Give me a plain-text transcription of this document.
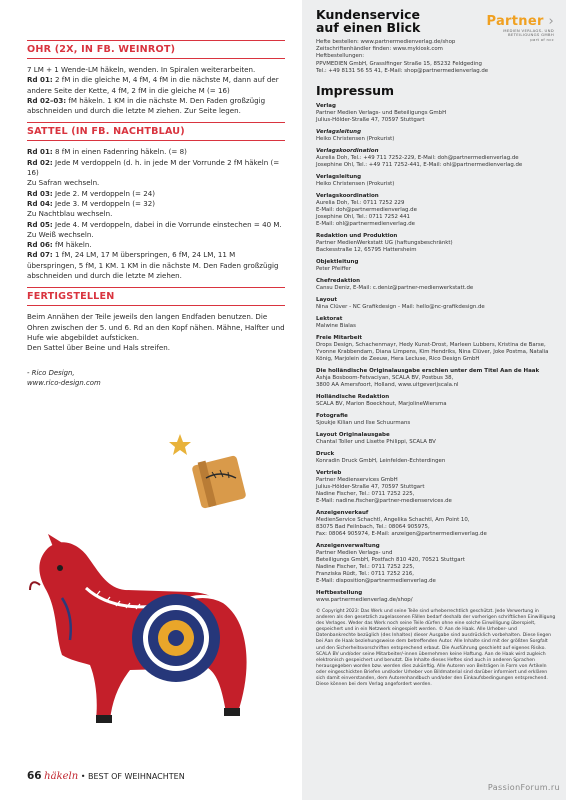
OHR (2X, IN FB. WEINROT)

7 LM + 1 Wende-LM häkeln, wenden. In Spiralen weiterarbeiten.

Rd 01: 2 fM in die gleiche M, 4 fM, 4 fM in die nächste M, dann auf der andere Seite der Kette, 4 fM, 2 fM in die gleiche M (= 16)

Rd 02–03: fM häkeln. 1 KM in die nächste M. Den Faden großzügig abschneiden und durch die letzte M ziehen. Zur Seite legen.

SATTEL (IN FB. NACHTBLAU)

Rd 01: 8 fM in einen Fadenring häkeln. (= 8)

Rd 02: Jede M verdoppeln (d. h. in jede M der Vorrunde 2 fM häkeln (= 16)

Zu Safran wechseln.

Rd 03: Jede 2. M verdoppeln (= 24)

Rd 04: Jede 3. M verdoppeln (= 32)

Zu Nachtblau wechseln.

Rd 05: Jede 4. M verdoppeln, dabei in die Vorrunde einstechen = 40 M.

Zu Weiß wechseln.

Rd 06: fM häkeln.

Rd 07: 1 fM, 24 LM, 17 M überspringen, 6 fM, 24 LM, 11 M überspringen, 5 fM, 1 KM. 1 KM in die nächste M. Den Faden großzügig abschneiden und durch die letzte M ziehen.

FERTIGSTELLEN

Beim Annähen der Teile jeweils den langen Endfaden benutzen. Die Ohren zwischen der 5. und 6. Rd an den Kopf nähen. Mähne, Halfter und Hufe wie abgebildet aufsticken.

Den Sattel über Beine und Hals streifen.

- Rico Design,
www.rico-design.com
Kundenservice
auf einen Blick	Partner ›
MEDIEN VERLAGS- UND
BETEILIGUNGS GMBH
part of ncc
Hefte bestellen: www.partnermedienverlag.de/shop
Zeitschriftenhändler finden: www.mykiosk.com
Heftbestellungen:
PPVMEDIEN GmbH, Grasslfinger Straße 15, 85232 Feldgeding
Tel.: +49 8131 56 55 41, E-Mail: shop@partnermedienverlag.de
Impressum
Verlag
Partner Medien Verlags- und Beteiligungs GmbH
Julius-Hölder-Straße 47, 70597 Stuttgart
Verlagsleitung
Heiko Christensen (Prokurist)
Verlagskoordination
Aurelia Doh, Tel.: +49 711 7252-229, E-Mail: doh@partnermedienverlag.de
Josephine Ohl, Tel.: +49 711 7252-441, E-Mail: ohl@partnermedienverlag.de
Verlagsleitung
Heiko Christensen (Prokurist)
Verlagskoordination
Aurelia Doh, Tel.: 0711 7252 229
E-Mail: doh@partnermedienverlag.de
Josephine Ohl, Tel.: 0711 7252 441
E-Mail: ohl@partnermedienverlag.de
Redaktion und Produktion
Partner MedienWerkstatt UG (haftungsbeschränkt)
Backesstraße 12, 65795 Hattersheim
Objektleitung
Peter Pfeiffer
Chefredaktion
Cansu Deniz, E-Mail: c.deniz@partner-medienwerkstatt.de
Layout
Nina Clüver - NC Grafikdesign - Mail: hello@nc-grafikdesign.de
Lektorat
Malwine Bialas
Freie Mitarbeit
Drops Design, Schachenmayr, Hedy Kunst-Drost, Marleen Lubbers, Kristina de Barse, Yvonne Krabbendam, Diana Limpens, Kim Hendriks, Nina Clüver, Joke Postma, Natalia König, Marjolein de Zeeuw, Hera Lecluse, Rico Design GmbH
Die holländische Originalausgabe erschien unter dem Titel Aan de Haak
Ashja Bosboom-Fetvaciyan, SCALA BV, Postbus 38,
3800 AA Amersfoort, Holland, www.uitgeverijscala.nl
Holländische Redaktion
SCALA BV, Marion Boeckhout, MarjolineWiersma
Fotografie
Sjoukje Kilian und Ilse Schuurmans
Layout Originalausgabe
Chantal Toller und Lisette Philippi, SCALA BV
Druck
Konradin Druck GmbH, Leinfelden-Echterdingen
Vertrieb
Partner Medienservices GmbH
Julius-Hölder-Straße 47, 70597 Stuttgart
Nadine Fischer, Tel.: 0711 7252 225,
E-Mail: nadine.fischer@partner-medienservices.de
Anzeigenverkauf
MedienService Schachtl, Angelika Schachtl, Am Point 10,
83075 Bad Feilnbach, Tel.: 08064 905975,
Fax: 08064 905974, E-Mail: anzeigen@partnermedienverlag.de
Anzeigenverwaltung
Partner Medien Verlags- und
Beteiligungs GmbH, Postfach 810 420, 70521 Stuttgart
Nadine Fischer, Tel.: 0711 7252 225,
Franziska Rüdt, Tel.: 0711 7252 216,
E-Mail: disposition@partnermedienverlag.de
Heftbestellung
www.partnermedienverlag.de/shop/
© Copyright 2023: Das Werk und seine Teile sind urheberrechtlich geschützt. Jede Verwertung in anderen als den gesetzlich zugelassenen Fällen bedarf deshalb der vorherigen schriftlichen Einwilligung des Verlages. Weder das Werk noch seine Teile dürfen ohne eine solche Einwilligung überspielt, gespeichert und in ein Netzwerk eingespielt werden. © Aan de Haak. Alle Urheber- und Datenbankrechte bezüglich (des Inhaltes) dieser Ausgabe sind ausdrücklich vorbehalten. Diese liegen bei Aan de Haak beziehungsweise dem betreffenden Autor. Alle Inhalte sind mit der größten Sorgfalt und den Sicherheitsvorschriften entsprechend erbaut. Die Ausführung geschieht auf eigenes Risiko. SCALA BV und/oder seine Mitarbeiter/-innen übernehmen keine Haftung. Aan de Haak wird zugleich elektronisch gespeichert und benutzt. Die Inhalte dieses Heftes sind auch in anderen Sprachen herausgegeben worden bzw. werden dies zukünftig. Alle Autoren von Beiträgen in Form von Artikeln oder eingeschickten Briefen und/oder Urheber von Bildmaterial sind darüber informiert und erklären sich damit einverstanden, dem Autorenhandbuch und/oder den Einkaufsbedingungen entsprechend. Diese können bei dem Verlag angefordert werden.
66 häkeln • BEST OF WEIHNACHTEN
PassionForum.ru
